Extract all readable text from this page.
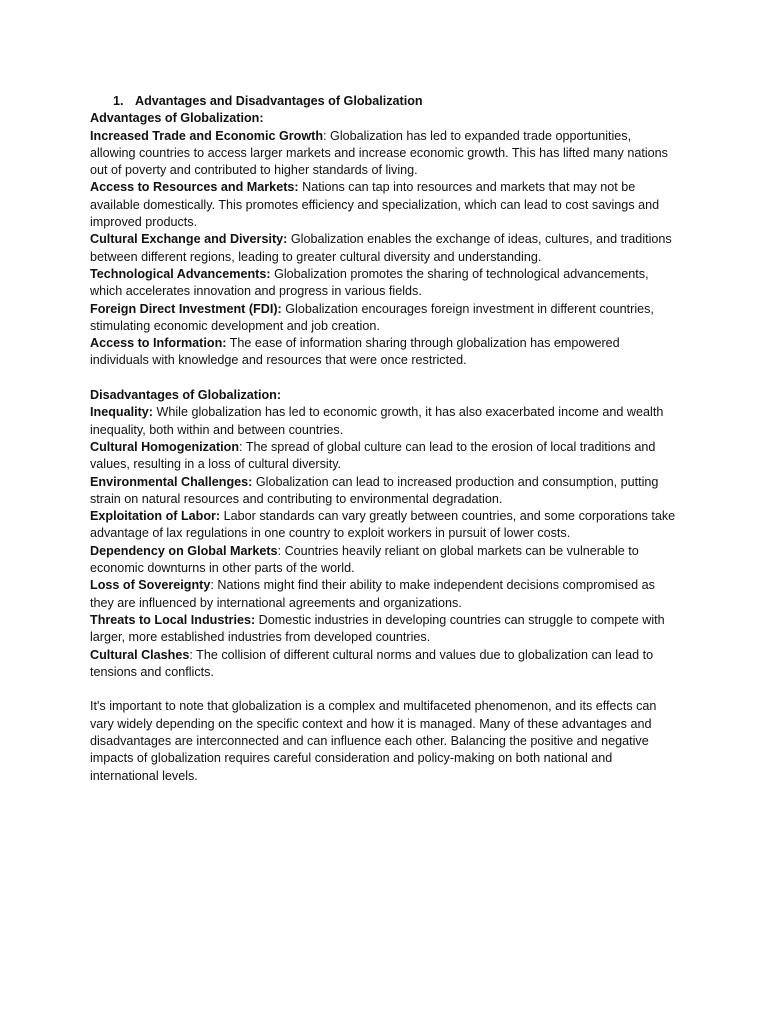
1. Advantages and Disadvantages of Globalization

Advantages of Globalization:

Increased Trade and Economic Growth: Globalization has led to expanded trade opportunities, allowing countries to access larger markets and increase economic growth. This has lifted many nations out of poverty and contributed to higher standards of living.

Access to Resources and Markets: Nations can tap into resources and markets that may not be available domestically. This promotes efficiency and specialization, which can lead to cost savings and improved products.

Cultural Exchange and Diversity: Globalization enables the exchange of ideas, cultures, and traditions between different regions, leading to greater cultural diversity and understanding.

Technological Advancements: Globalization promotes the sharing of technological advancements, which accelerates innovation and progress in various fields.

Foreign Direct Investment (FDI): Globalization encourages foreign investment in different countries, stimulating economic development and job creation.

Access to Information: The ease of information sharing through globalization has empowered individuals with knowledge and resources that were once restricted.

Disadvantages of Globalization:

Inequality: While globalization has led to economic growth, it has also exacerbated income and wealth inequality, both within and between countries.

Cultural Homogenization: The spread of global culture can lead to the erosion of local traditions and values, resulting in a loss of cultural diversity.

Environmental Challenges: Globalization can lead to increased production and consumption, putting strain on natural resources and contributing to environmental degradation.

Exploitation of Labor: Labor standards can vary greatly between countries, and some corporations take advantage of lax regulations in one country to exploit workers in pursuit of lower costs.

Dependency on Global Markets: Countries heavily reliant on global markets can be vulnerable to economic downturns in other parts of the world.

Loss of Sovereignty: Nations might find their ability to make independent decisions compromised as they are influenced by international agreements and organizations.

Threats to Local Industries: Domestic industries in developing countries can struggle to compete with larger, more established industries from developed countries.

Cultural Clashes: The collision of different cultural norms and values due to globalization can lead to tensions and conflicts.

It's important to note that globalization is a complex and multifaceted phenomenon, and its effects can vary widely depending on the specific context and how it is managed. Many of these advantages and disadvantages are interconnected and can influence each other. Balancing the positive and negative impacts of globalization requires careful consideration and policy-making on both national and international levels.
